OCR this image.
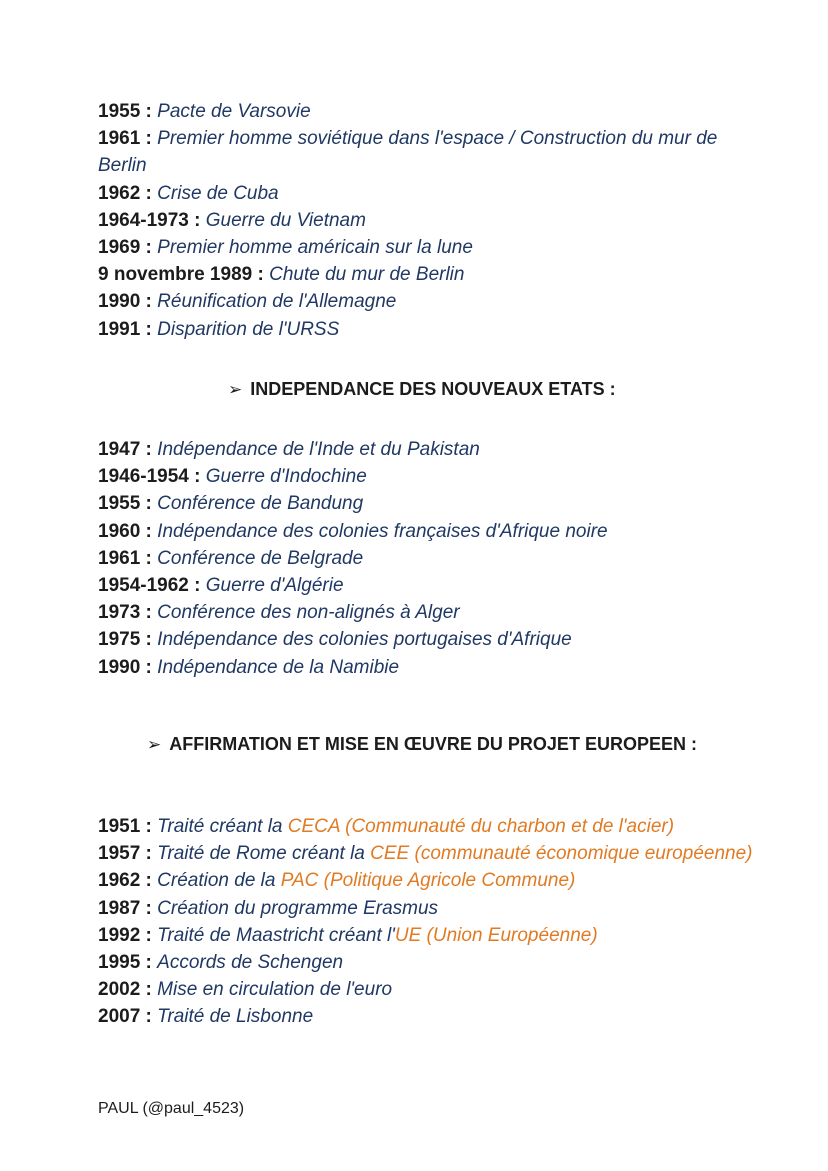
1955 : Pacte de Varsovie
1961 : Premier homme soviétique dans l'espace / Construction du mur de Berlin
1962 : Crise de Cuba
1964-1973 : Guerre du Vietnam
1969 : Premier homme américain sur la lune
9 novembre 1989 : Chute du mur de Berlin
1990 : Réunification de l'Allemagne
1991 : Disparition de l'URSS
➢ INDEPENDANCE DES NOUVEAUX ETATS :
1947 : Indépendance de l'Inde et du Pakistan
1946-1954 : Guerre d'Indochine
1955 : Conférence de Bandung
1960 : Indépendance des colonies françaises d'Afrique noire
1961 : Conférence de Belgrade
1954-1962 : Guerre d'Algérie
1973 : Conférence des non-alignés à Alger
1975 : Indépendance des colonies portugaises d'Afrique
1990 : Indépendance de la Namibie
➢ AFFIRMATION ET MISE EN ŒUVRE DU PROJET EUROPEEN :
1951 : Traité créant la CECA (Communauté du charbon et de l'acier)
1957 : Traité de Rome créant la CEE (communauté économique européenne)
1962 : Création de la PAC (Politique Agricole Commune)
1987 : Création du programme Erasmus
1992 : Traité de Maastricht créant l'UE (Union Européenne)
1995 : Accords de Schengen
2002 : Mise en circulation de l'euro
2007 : Traité de Lisbonne
PAUL (@paul_4523)
